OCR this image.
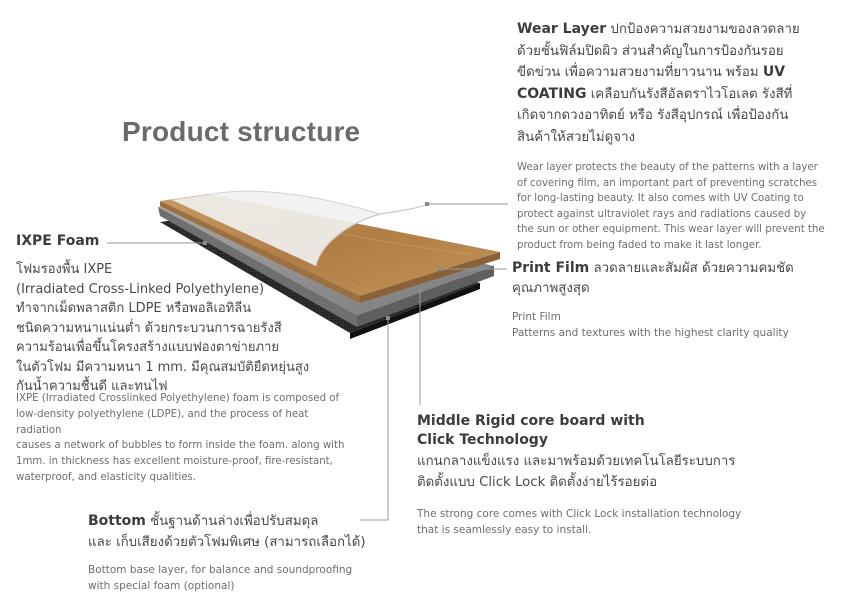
Product structure
Wear Layer ปกป้องความสวยงามของลวดลาย
ด้วยชั้นฟิล์มปิดผิว ส่วนสำคัญในการป้องกันรอย
ขีดข่วน เพื่อความสวยงามที่ยาวนาน พร้อม UV
COATING เคลือบกันรังสีอัลตราไวโอเลต รังสีที่
เกิดจากดวงอาทิตย์ หรือ รังสีอุปกรณ์ เพื่อป้องกัน
สินค้าให้สวยไม่ดูจาง
Wear layer protects the beauty of the patterns with a layer
of covering film, an important part of preventing scratches
for long-lasting beauty. It also comes with UV Coating to
protect against ultraviolet rays and radiations caused by
the sun or other equipment. This wear layer will prevent the
product from being faded to make it last longer.
IXPE Foam
โฟมรองพื้น IXPE
(Irradiated Cross-Linked Polyethylene)
ทำจากเม็ดพลาสติก LDPE หรือพอลิเอทิลีน
ชนิดความหนาแน่นต่ำ ด้วยกระบวนการฉายรังสี
ความร้อนเพื่อขึ้นโครงสร้างแบบฟองตาข่ายภาย
ในตัวโฟม มีความหนา 1 mm. มีคุณสมบัติยืดหยุ่นสูง
กันน้ำความชื้นดี และทนไฟ
IXPE (Irradiated Crosslinked Polyethylene) foam is composed of
low-density polyethylene (LDPE), and the process of heat radiation
causes a network of bubbles to form inside the foam. along with
1mm. in thickness has excellent moisture-proof, fire-resistant,
waterproof, and elasticity qualities.
Print Film ลวดลายและสัมผัส ด้วยความคมชัด
คุณภาพสูงสุด
Print Film
Patterns and textures with the highest clarity quality
Middle Rigid core board with
Click Technology
แกนกลางแข็งแรง และมาพร้อมด้วยเทคโนโลยีระบบการ
ติดตั้งแบบ Click Lock ติดตั้งง่ายไร้รอยต่อ
The strong core comes with Click Lock installation technology
that is seamlessly easy to install.
Bottom ชั้นฐานด้านล่างเพื่อปรับสมดุล
และ เก็บเสียงด้วยตัวโฟมพิเศษ (สามารถเลือกได้)
Bottom base layer, for balance and soundproofing
with special foam (optional)
